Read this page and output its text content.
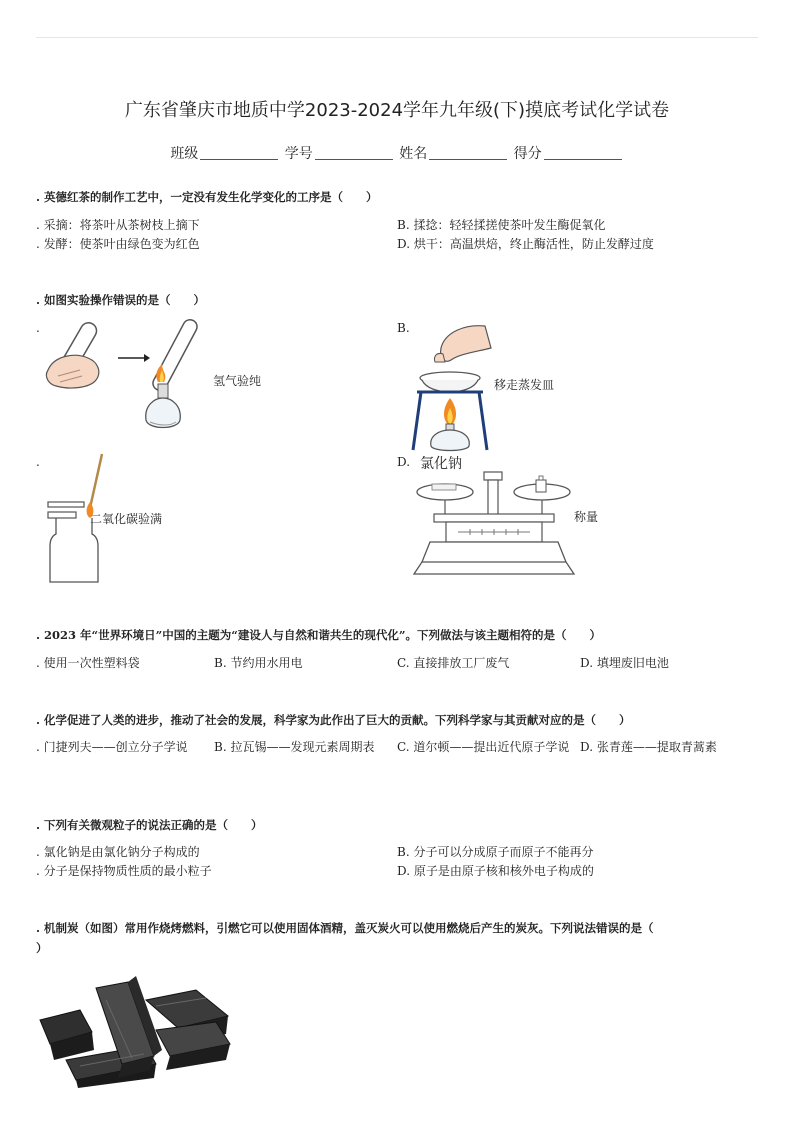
广东省肇庆市地质中学2023-2024学年九年级(下)摸底考试化学试卷
班级	学号	姓名	得分
. 英德红茶的制作工艺中，一定没有发生化学变化的工序是（　　）
. 采摘：将茶叶从茶树枝上摘下	B. 揉捻：轻轻揉搓使茶叶发生酶促氧化
. 发酵：使茶叶由绿色变为红色	D. 烘干：高温烘焙，终止酶活性，防止发酵过度
. 如图实验操作错误的是（　　）
.	B.
.	D.
氢气验纯	移走蒸发皿
二氧化碳验满
氯化钠
称量
. 2023 年“世界环境日”中国的主题为“建设人与自然和谐共生的现代化”。下列做法与该主题相符的是（　　）
. 使用一次性塑料袋	B. 节约用水用电	C. 直接排放工厂废气	D. 填埋废旧电池
. 化学促进了人类的进步，推动了社会的发展，科学家为此作出了巨大的贡献。下列科学家与其贡献对应的是（　　）
. 门捷列夫——创立分子学说	B. 拉瓦锡——发现元素周期表	C. 道尔顿——提出近代原子学说 D. 张青莲——提取青蒿素
. 下列有关微观粒子的说法正确的是（　　）
. 氯化钠是由氯化钠分子构成的	B. 分子可以分成原子而原子不能再分
. 分子是保持物质性质的最小粒子	D. 原子是由原子核和核外电子构成的
. 机制炭（如图）常用作烧烤燃料，引燃它可以使用固体酒精，盖灭炭火可以使用燃烧后产生的炭灰。下列说法错误的是（
）
